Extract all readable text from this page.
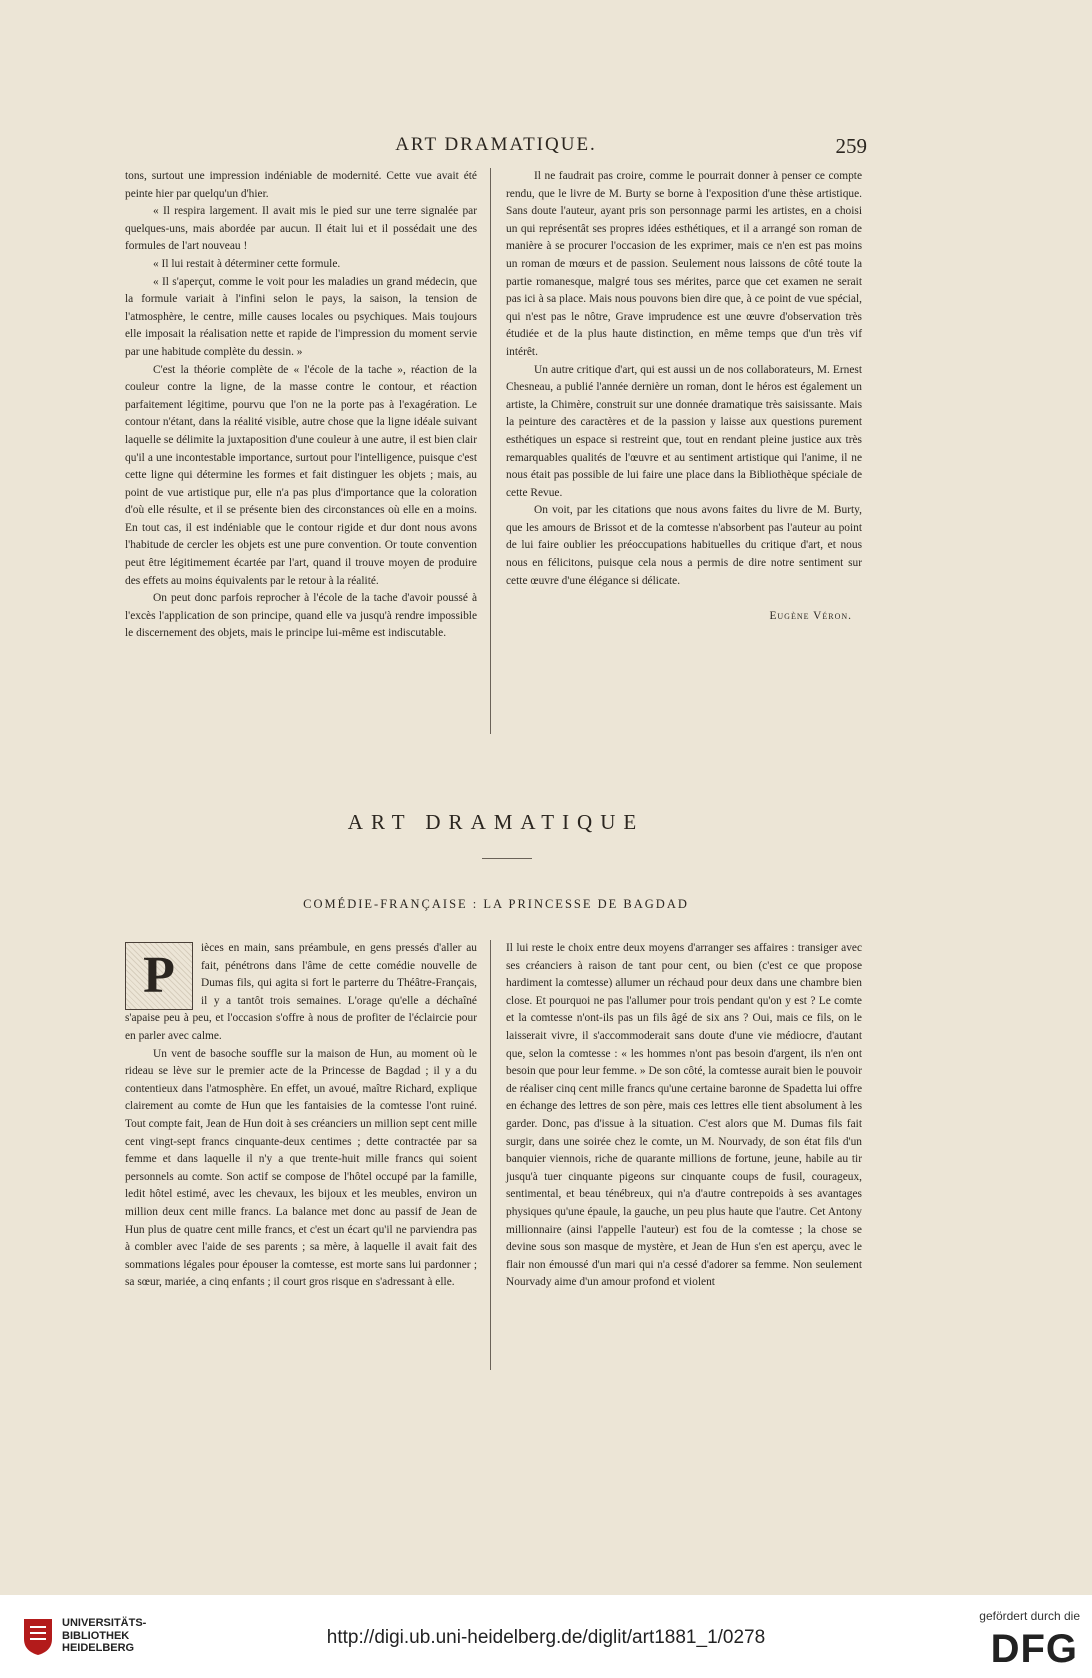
ART DRAMATIQUE.	259

tons, surtout une impression indéniable de modernité. Cette vue avait été peinte hier par quelqu'un d'hier.

« Il respira largement. Il avait mis le pied sur une terre signalée par quelques-uns, mais abordée par aucun. Il était lui et il possédait une des formules de l'art nouveau !

« Il lui restait à déterminer cette formule.

« Il s'aperçut, comme le voit pour les maladies un grand médecin, que la formule variait à l'infini selon le pays, la saison, la tension de l'atmosphère, le centre, mille causes locales ou psychiques. Mais toujours elle imposait la réalisation nette et rapide de l'impression du moment servie par une habitude complète du dessin. »

C'est la théorie complète de « l'école de la tache », réaction de la couleur contre la ligne, de la masse contre le contour, et réaction parfaitement légitime, pourvu que l'on ne la porte pas à l'exagération. Le contour n'étant, dans la réalité visible, autre chose que la ligne idéale suivant laquelle se délimite la juxtaposition d'une couleur à une autre, il est bien clair qu'il a une incontestable importance, surtout pour l'intelligence, puisque c'est cette ligne qui détermine les formes et fait distinguer les objets ; mais, au point de vue artistique pur, elle n'a pas plus d'importance que la coloration d'où elle résulte, et il se présente bien des circonstances où elle en a moins. En tout cas, il est indéniable que le contour rigide et dur dont nous avons l'habitude de cercler les objets est une pure convention. Or toute convention peut être légitimement écartée par l'art, quand il trouve moyen de produire des effets au moins équivalents par le retour à la réalité.

On peut donc parfois reprocher à l'école de la tache d'avoir poussé à l'excès l'application de son principe, quand elle va jusqu'à rendre impossible le discernement des objets, mais le principe lui-même est indiscutable.

Il ne faudrait pas croire, comme le pourrait donner à penser ce compte rendu, que le livre de M. Burty se borne à l'exposition d'une thèse artistique. Sans doute l'auteur, ayant pris son personnage parmi les artistes, en a choisi un qui représentât ses propres idées esthétiques, et il a arrangé son roman de manière à se procurer l'occasion de les exprimer, mais ce n'en est pas moins un roman de mœurs et de passion. Seulement nous laissons de côté toute la partie romanesque, malgré tous ses mérites, parce que cet examen ne serait pas ici à sa place. Mais nous pouvons bien dire que, à ce point de vue spécial, qui n'est pas le nôtre, Grave imprudence est une œuvre d'observation très étudiée et de la plus haute distinction, en même temps que d'un très vif intérêt.

Un autre critique d'art, qui est aussi un de nos collaborateurs, M. Ernest Chesneau, a publié l'année dernière un roman, dont le héros est également un artiste, la Chimère, construit sur une donnée dramatique très saisissante. Mais la peinture des caractères et de la passion y laisse aux questions purement esthétiques un espace si restreint que, tout en rendant pleine justice aux très remarquables qualités de l'œuvre et au sentiment artistique qui l'anime, il ne nous était pas possible de lui faire une place dans la Bibliothèque spéciale de cette Revue.

On voit, par les citations que nous avons faites du livre de M. Burty, que les amours de Brissot et de la comtesse n'absorbent pas l'auteur au point de lui faire oublier les préoccupations habituelles du critique d'art, et nous nous en félicitons, puisque cela nous a permis de dire notre sentiment sur cette œuvre d'une élégance si délicate.

Eugène Véron.
ART DRAMATIQUE
COMÉDIE-FRANÇAISE : LA PRINCESSE DE BAGDAD

P	ièces en main, sans préambule, en gens pressés d'aller au fait, pénétrons dans l'âme de cette comédie nouvelle de Dumas fils, qui agita si fort le parterre du Théâtre-Français, il y a tantôt trois semaines. L'orage qu'elle a déchaîné s'apaise peu à peu, et l'occasion s'offre à nous de profiter de l'éclaircie pour en parler avec calme.

Un vent de basoche souffle sur la maison de Hun, au moment où le rideau se lève sur le premier acte de la Princesse de Bagdad ; il y a du contentieux dans l'atmosphère. En effet, un avoué, maître Richard, explique clairement au comte de Hun que les fantaisies de la comtesse l'ont ruiné. Tout compte fait, Jean de Hun doit à ses créanciers un million sept cent mille cent vingt-sept francs cinquante-deux centimes ; dette contractée par sa femme et dans laquelle il n'y a que trente-huit mille francs qui soient personnels au comte. Son actif se compose de l'hôtel occupé par la famille, ledit hôtel estimé, avec les chevaux, les bijoux et les meubles, environ un million deux cent mille francs. La balance met donc au passif de Jean de Hun plus de quatre cent mille francs, et c'est un écart qu'il ne parviendra pas à combler avec l'aide de ses parents ; sa mère, à laquelle il avait fait des sommations légales pour épouser la comtesse, est morte sans lui pardonner ; sa sœur, mariée, a cinq enfants ; il court gros risque en s'adressant à elle.

Il lui reste le choix entre deux moyens d'arranger ses affaires : transiger avec ses créanciers à raison de tant pour cent, ou bien (c'est ce que propose hardiment la comtesse) allumer un réchaud pour deux dans une chambre bien close. Et pourquoi ne pas l'allumer pour trois pendant qu'on y est ? Le comte et la comtesse n'ont-ils pas un fils âgé de six ans ? Oui, mais ce fils, on le laisserait vivre, il s'accommoderait sans doute d'une vie médiocre, d'autant que, selon la comtesse : « les hommes n'ont pas besoin d'argent, ils n'en ont besoin que pour leur femme. » De son côté, la comtesse aurait bien le pouvoir de réaliser cinq cent mille francs qu'une certaine baronne de Spadetta lui offre en échange des lettres de son père, mais ces lettres elle tient absolument à les garder. Donc, pas d'issue à la situation. C'est alors que M. Dumas fils fait surgir, dans une soirée chez le comte, un M. Nourvady, de son état fils d'un banquier viennois, riche de quarante millions de fortune, jeune, habile au tir jusqu'à tuer cinquante pigeons sur cinquante coups de fusil, courageux, sentimental, et beau ténébreux, qui n'a d'autre contrepoids à ses avantages physiques qu'une épaule, la gauche, un peu plus haute que l'autre. Cet Antony millionnaire (ainsi l'appelle l'auteur) est fou de la comtesse ; la chose se devine sous son masque de mystère, et Jean de Hun s'en est aperçu, avec le flair non émoussé d'un mari qui n'a cessé d'adorer sa femme. Non seulement Nourvady aime d'un amour profond et violent

UNIVERSITÄTS-
BIBLIOTHEK
HEIDELBERG	http://digi.ub.uni-heidelberg.de/diglit/art1881_1/0278
gefördert durch die
DFG
